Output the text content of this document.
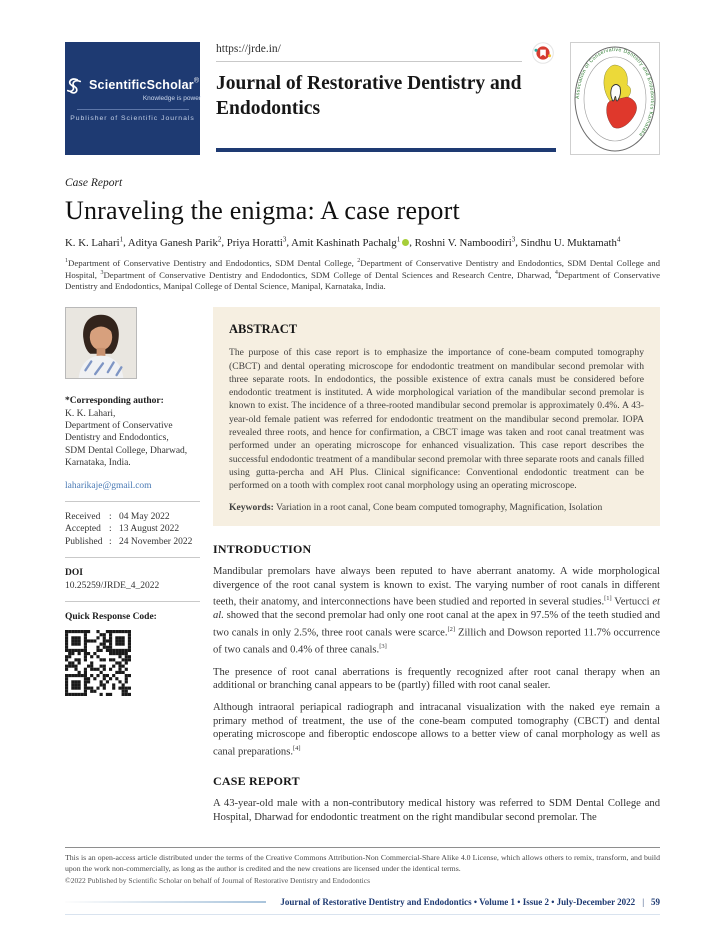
ScientificScholar®
Knowledge is power
Publisher of Scientific Journals
https://jrde.in/
Journal of Restorative Dentistry and Endodontics
Association of Conservative Dentistry and Endodontics Karnataka
Case Report
Unraveling the enigma: A case report
K. K. Lahari$^1$, Aditya Ganesh Parik$^2$, Priya Horatti$^3$, Amit Kashinath Pachalg$^1$ , Roshni V. Namboodiri$^3$, Sindhu U. Muktamath$^4$
$^1$Department of Conservative Dentistry and Endodontics, SDM Dental College, $^2$Department of Conservative Dentistry and Endodontics, SDM Dental College and Hospital, $^3$Department of Conservative Dentistry and Endodontics, SDM College of Dental Sciences and Research Centre, Dharwad, $^4$Department of Conservative Dentistry and Endodontics, Manipal College of Dental Science, Manipal, Karnataka, India.
*Corresponding author:
K. K. Lahari,
Department of Conservative
Dentistry and Endodontics,
SDM Dental College, Dharwad,
Karnataka, India.
laharikaje@gmail.com
Received : 04 May 2022
Accepted : 13 August 2022
Published : 24 November 2022
DOI
10.25259/JRDE_4_2022
Quick Response Code:
ABSTRACT
The purpose of this case report is to emphasize the importance of cone-beam computed tomography (CBCT) and dental operating microscope for endodontic treatment on mandibular second premolar with three separate roots. In endodontics, the possible existence of extra canals must be considered before endodontic treatment is instituted. A wide morphological variation of the mandibular second premolar is known to exist. The incidence of a three-rooted mandibular second premolar is approximately 0.4%. A 43-year-old female patient was referred for endodontic treatment on the mandibular second premolar. IOPA revealed three roots, and hence for confirmation, a CBCT image was taken and root canal treatment was performed under an operating microscope for enhanced visualization. This case report describes the successful endodontic treatment of a mandibular second premolar with three separate roots and canals filled using gutta-percha and AH Plus. Clinical significance: Conventional endodontic treatment can be performed on a tooth with complex root canal morphology using an operating microscope.
Keywords: Variation in a root canal, Cone beam computed tomography, Magnification, Isolation
INTRODUCTION

Mandibular premolars have always been reputed to have aberrant anatomy. A wide morphological divergence of the root canal system is known to exist. The varying number of root canals in different teeth, their anatomy, and interconnections have been studied and reported in several studies.[1] Vertucci et al. showed that the second premolar had only one root canal at the apex in 97.5% of the teeth studied and two canals in only 2.5%, three root canals were scarce.[2] Zillich and Dowson reported 11.7% occurrence of two canals and 0.4% of three canals.[3]

The presence of root canal aberrations is frequently recognized after root canal therapy when an additional or branching canal appears to be (partly) filled with root canal sealer.

Although intraoral periapical radiograph and intracanal visualization with the naked eye remain a primary method of treatment, the use of the cone-beam computed tomography (CBCT) and dental operating microscope and fiberoptic endoscope allows to a better view of canal morphology as well as canal preparations.[4]

CASE REPORT

A 43-year-old male with a non-contributory medical history was referred to SDM Dental College and Hospital, Dharwad for endodontic treatment on the right mandibular second premolar. The

This is an open-access article distributed under the terms of the Creative Commons Attribution-Non Commercial-Share Alike 4.0 License, which allows others to remix, transform, and build upon the work non-commercially, as long as the author is credited and the new creations are licensed under the identical terms.
©2022 Published by Scientific Scholar on behalf of Journal of Restorative Dentistry and Endodontics
Journal of Restorative Dentistry and Endodontics • Volume 1 • Issue 2 • July-December 2022 | 59
